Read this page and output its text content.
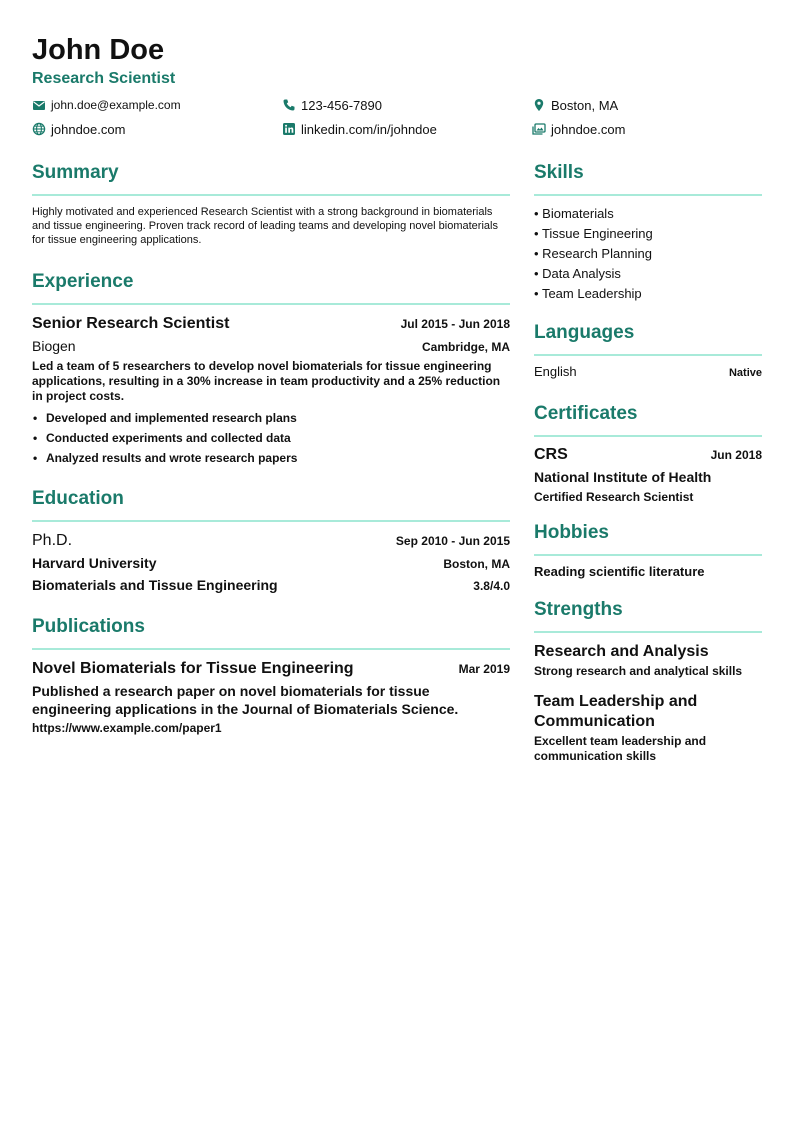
John Doe
Research Scientist
john.doe@example.com	123-456-7890	Boston, MA
johndoe.com	linkedin.com/in/johndoe	johndoe.com
Summary
Highly motivated and experienced Research Scientist with a strong background in biomaterials and tissue engineering. Proven track record of leading teams and developing novel biomaterials for tissue engineering applications.
Experience
Senior Research Scientist	Jul 2015 - Jun 2018
Biogen	Cambridge, MA
Led a team of 5 researchers to develop novel biomaterials for tissue engineering applications, resulting in a 30% increase in team productivity and a 25% reduction in project costs.
• Developed and implemented research plans
• Conducted experiments and collected data
• Analyzed results and wrote research papers
Education
Ph.D.	Sep 2010 - Jun 2015
Harvard University	Boston, MA
Biomaterials and Tissue Engineering	3.8/4.0
Publications
Novel Biomaterials for Tissue Engineering	Mar 2019
Published a research paper on novel biomaterials for tissue engineering applications in the Journal of Biomaterials Science.
https://www.example.com/paper1
Skills
• Biomaterials
• Tissue Engineering
• Research Planning
• Data Analysis
• Team Leadership
Languages
English	Native
Certificates
CRS	Jun 2018
National Institute of Health
Certified Research Scientist
Hobbies
Reading scientific literature
Strengths
Research and Analysis
Strong research and analytical skills
Team Leadership and Communication
Excellent team leadership and communication skills
